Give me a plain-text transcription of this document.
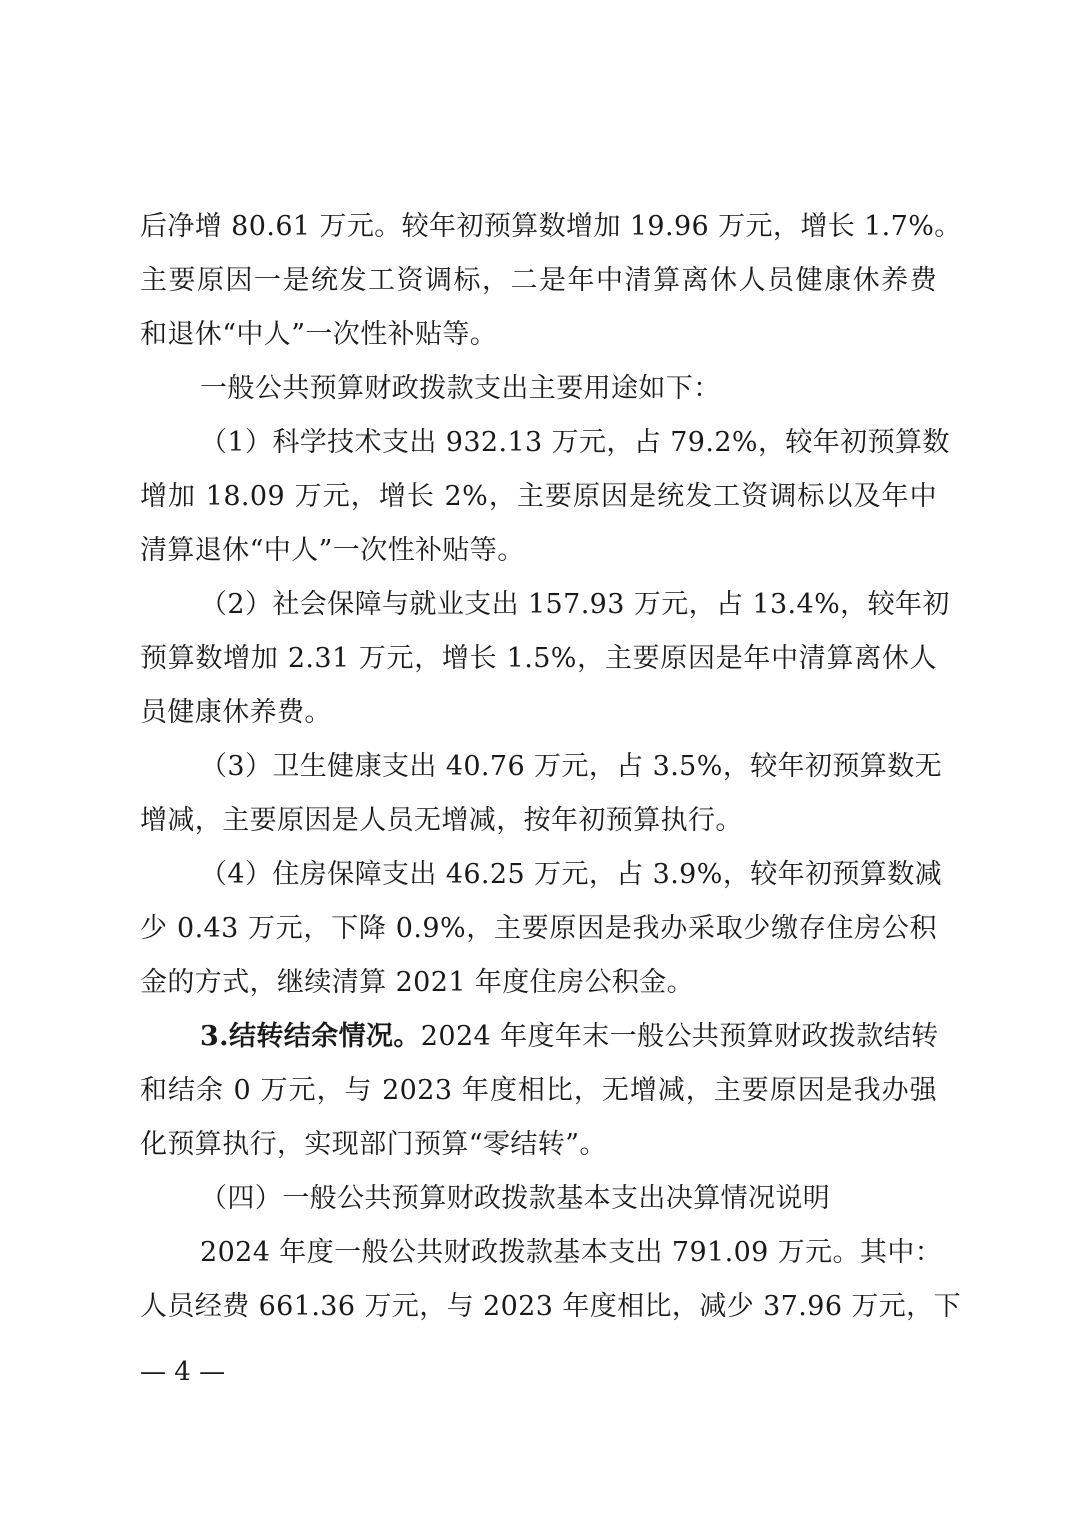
后净增 80.61 万元。较年初预算数增加 19.96 万元，增长 1.7%。
主要原因一是统发工资调标，二是年中清算离休人员健康休养费
和退休“中人”一次性补贴等。
一般公共预算财政拨款支出主要用途如下：
（1）科学技术支出 932.13 万元，占 79.2%，较年初预算数
增加 18.09 万元，增长 2%，主要原因是统发工资调标以及年中
清算退休“中人”一次性补贴等。
（2）社会保障与就业支出 157.93 万元，占 13.4%，较年初
预算数增加 2.31 万元，增长 1.5%，主要原因是年中清算离休人
员健康休养费。
（3）卫生健康支出 40.76 万元，占 3.5%，较年初预算数无
增减，主要原因是人员无增减，按年初预算执行。
（4）住房保障支出 46.25 万元，占 3.9%，较年初预算数减
少 0.43 万元，下降 0.9%，主要原因是我办采取少缴存住房公积
金的方式，继续清算 2021 年度住房公积金。
3.结转结余情况。2024 年度年末一般公共预算财政拨款结转
和结余 0 万元，与 2023 年度相比，无增减，主要原因是我办强
化预算执行，实现部门预算“零结转”。
（四）一般公共预算财政拨款基本支出决算情况说明
2024 年度一般公共财政拨款基本支出 791.09 万元。其中：
人员经费 661.36 万元，与 2023 年度相比，减少 37.96 万元，下
— 4 —
